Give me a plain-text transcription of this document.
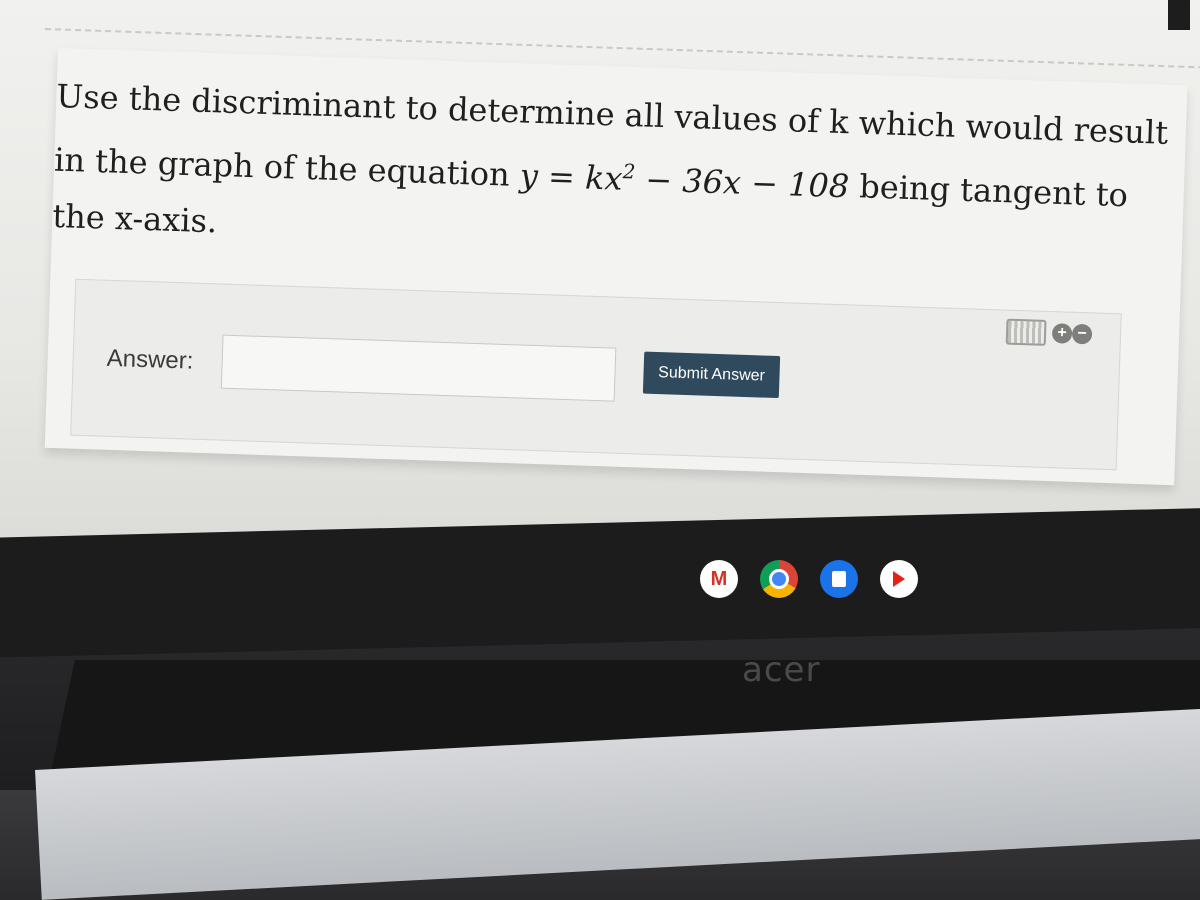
Use the discriminant to determine all values of k which would result in the graph of the equation $y = kx^2 - 36x - 108$ being tangent to the x-axis.

+ −
Answer:	Submit Answer
M
acer
